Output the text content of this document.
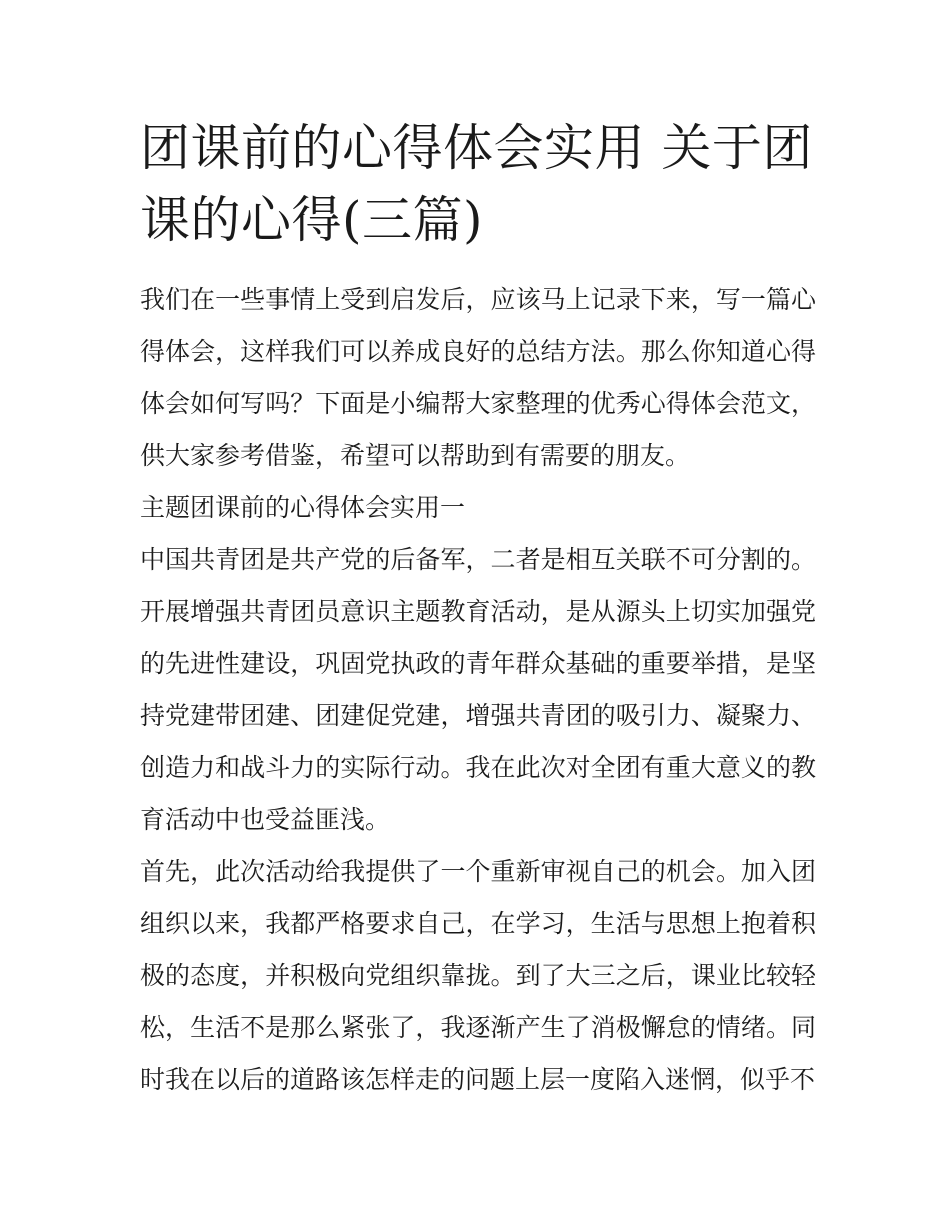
团课前的心得体会实用 关于团课的心得(三篇)

我们在一些事情上受到启发后，应该马上记录下来，写一篇心得体会，这样我们可以养成良好的总结方法。那么你知道心得体会如何写吗？下面是小编帮大家整理的优秀心得体会范文，供大家参考借鉴，希望可以帮助到有需要的朋友。

主题团课前的心得体会实用一

中国共青团是共产党的后备军，二者是相互关联不可分割的。开展增强共青团员意识主题教育活动，是从源头上切实加强党的先进性建设，巩固党执政的青年群众基础的重要举措，是坚持党建带团建、团建促党建，增强共青团的吸引力、凝聚力、创造力和战斗力的实际行动。我在此次对全团有重大意义的教育活动中也受益匪浅。

首先，此次活动给我提供了一个重新审视自己的机会。加入团组织以来，我都严格要求自己，在学习，生活与思想上抱着积极的态度，并积极向党组织靠拢。到了大三之后，课业比较轻松，生活不是那么紧张了，我逐渐产生了消极懈怠的情绪。同时我在以后的道路该怎样走的问题上层一度陷入迷惘，似乎不
